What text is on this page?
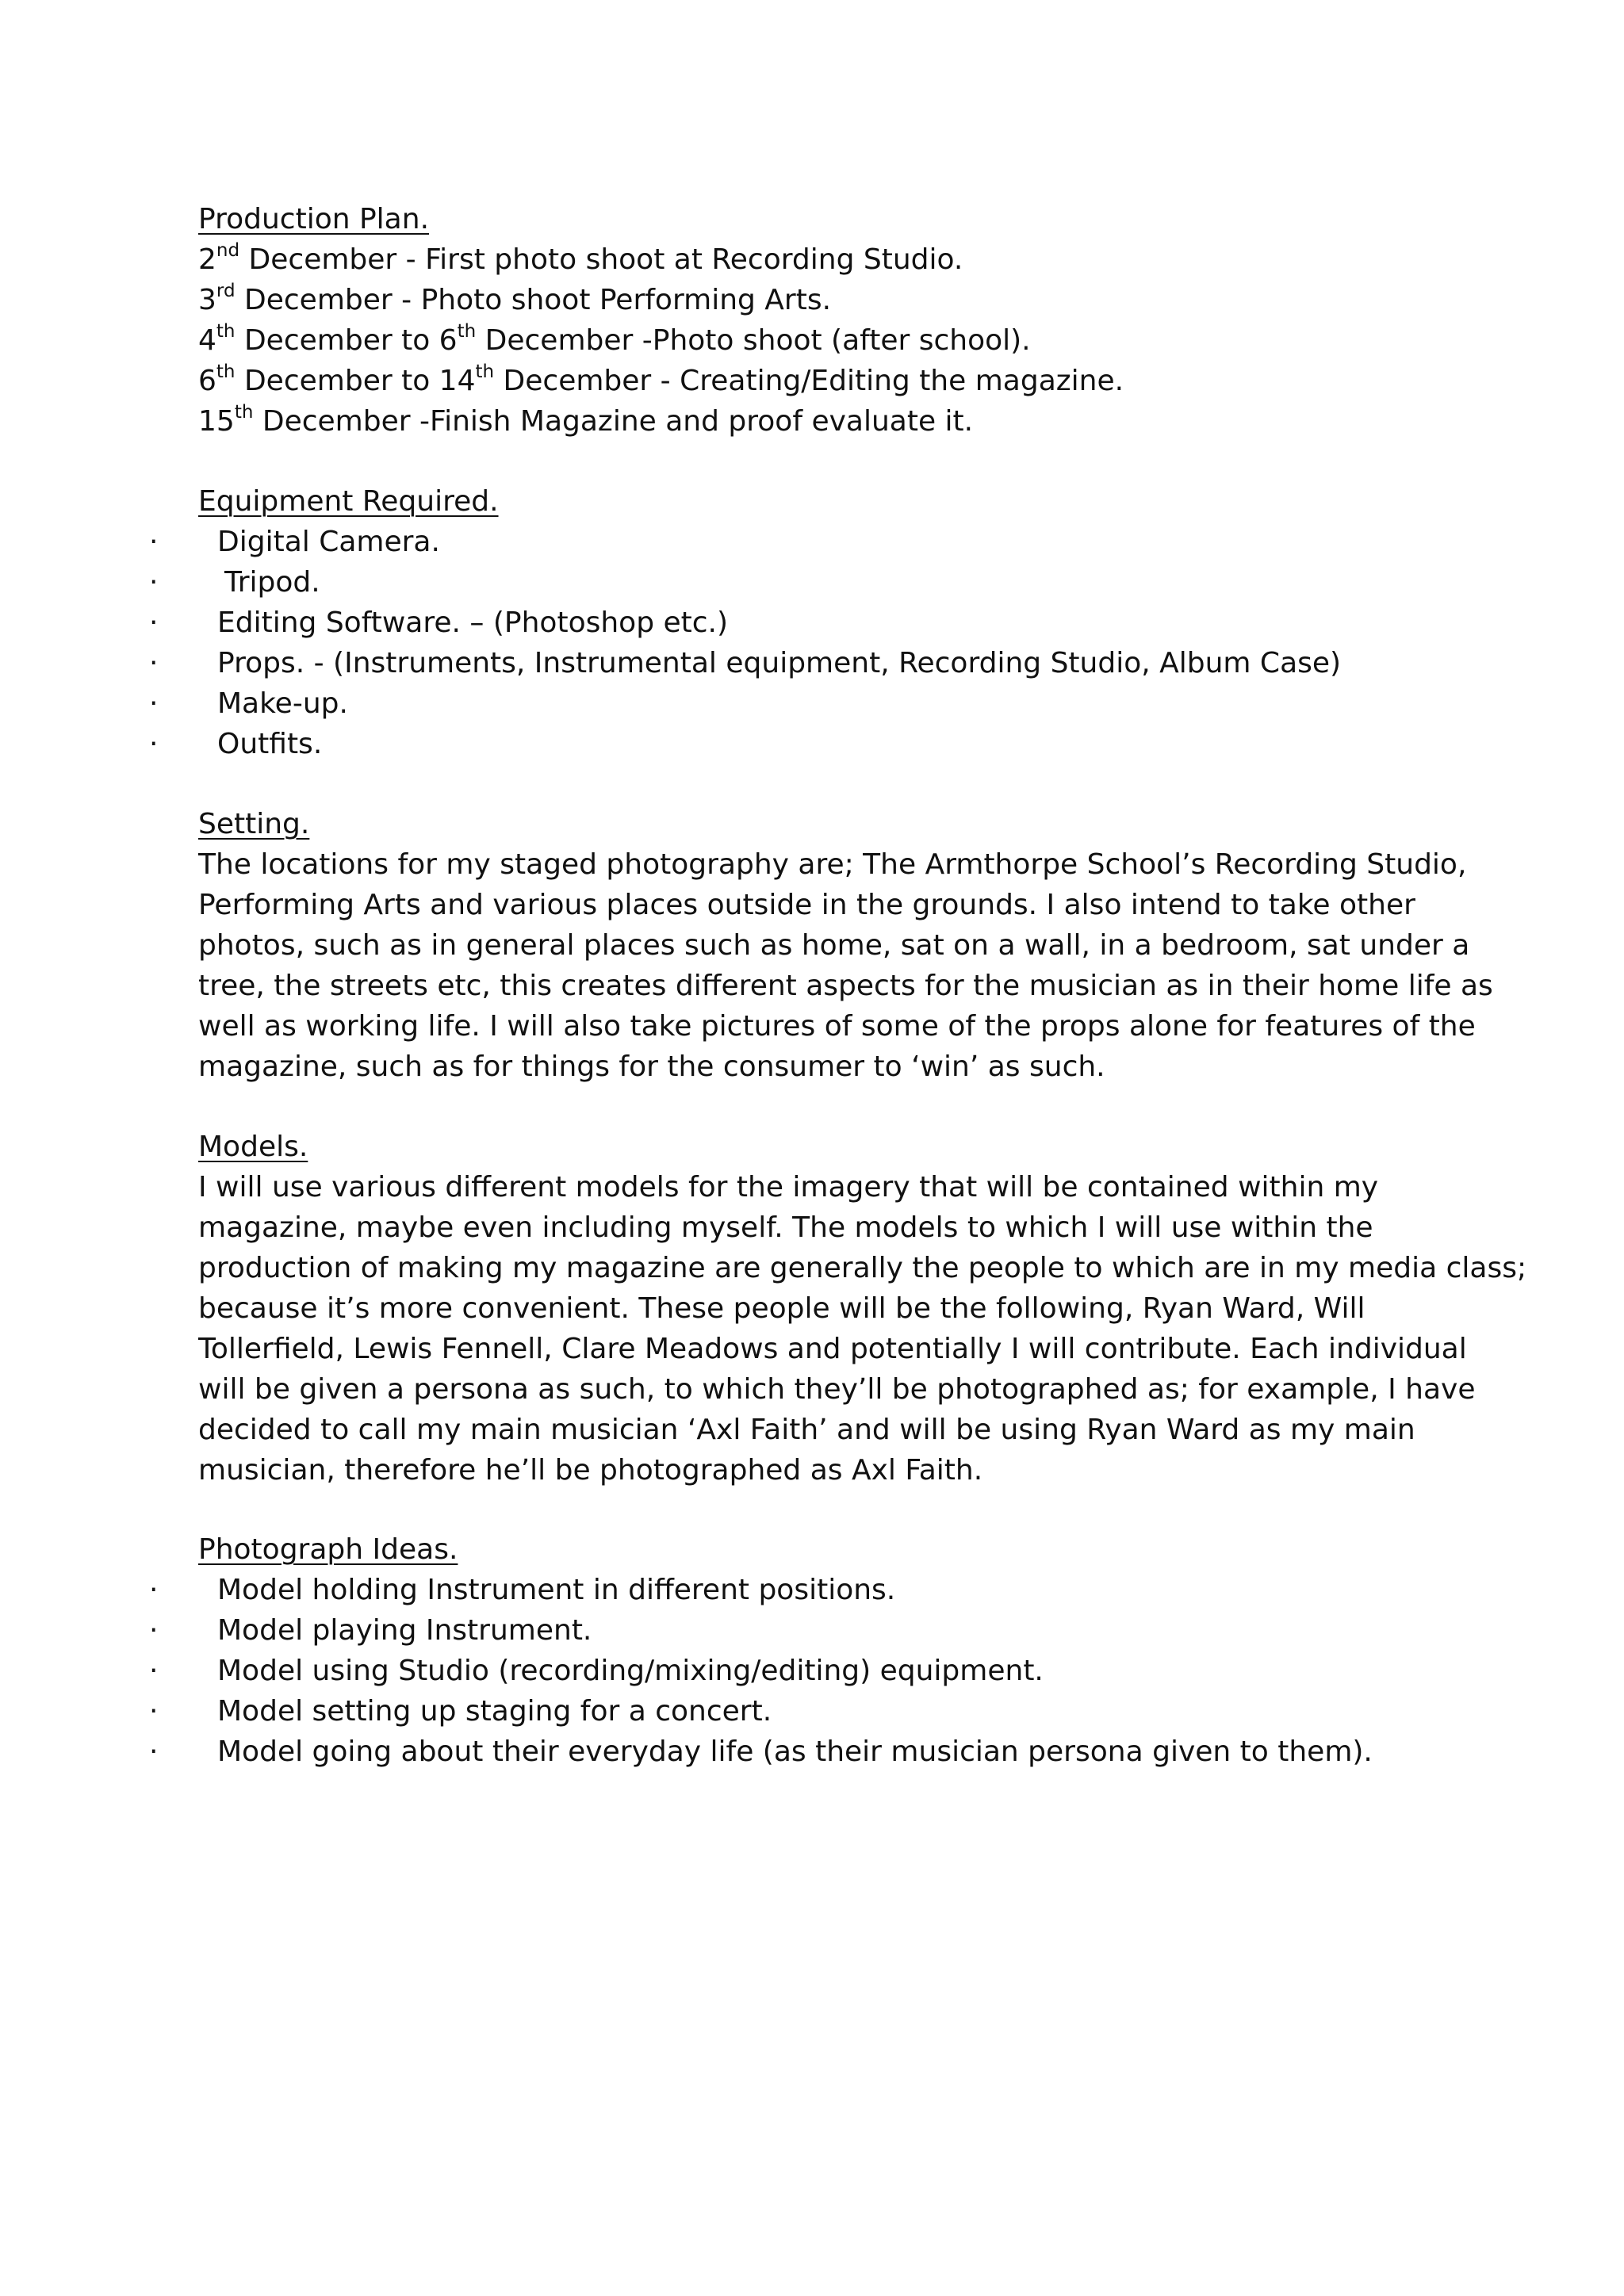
Production Plan.
2nd December - First photo shoot at Recording Studio.
3rd December - Photo shoot Performing Arts.
4th December to 6th December -Photo shoot (after school).
6th December to 14th December - Creating/Editing the magazine.
15th December -Finish Magazine and proof evaluate it.
Equipment Required.
· Digital Camera.
· Tripod.
· Editing Software. – (Photoshop etc.)
· Props. - (Instruments, Instrumental equipment, Recording Studio, Album Case)
· Make-up.
· Outfits.
Setting.
The locations for my staged photography are; The Armthorpe School’s Recording Studio,
Performing Arts and various places outside in the grounds. I also intend to take other
photos, such as in general places such as home, sat on a wall, in a bedroom, sat under a
tree, the streets etc, this creates different aspects for the musician as in their home life as
well as working life. I will also take pictures of some of the props alone for features of the
magazine, such as for things for the consumer to ‘win’ as such.
Models.
I will use various different models for the imagery that will be contained within my
magazine, maybe even including myself. The models to which I will use within the
production of making my magazine are generally the people to which are in my media class;
because it’s more convenient. These people will be the following, Ryan Ward, Will
Tollerfield, Lewis Fennell, Clare Meadows and potentially I will contribute. Each individual
will be given a persona as such, to which they’ll be photographed as; for example, I have
decided to call my main musician ‘Axl Faith’ and will be using Ryan Ward as my main
musician, therefore he’ll be photographed as Axl Faith.
Photograph Ideas.
· Model holding Instrument in different positions.
· Model playing Instrument.
· Model using Studio (recording/mixing/editing) equipment.
· Model setting up staging for a concert.
· Model going about their everyday life (as their musician persona given to them).
